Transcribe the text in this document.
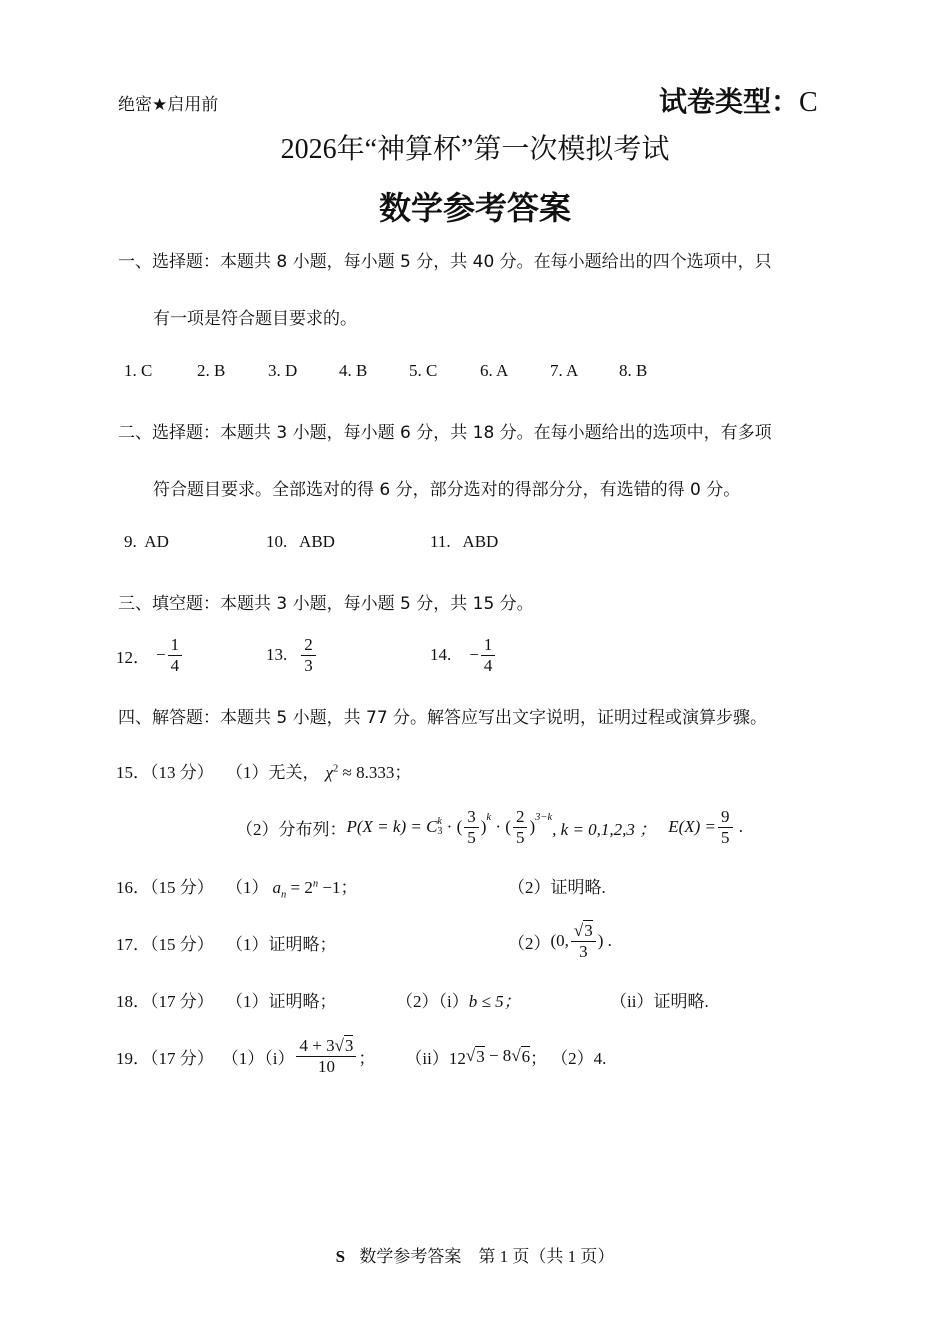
绝密★启用前	试卷类型：C
2026年“神算杯”第一次模拟考试
数学参考答案
一、选择题：本题共 8 小题，每小题 5 分，共 40 分。在每小题给出的四个选项中，只
有一项是符合题目要求的。
1. C	2. B	3. D 4. B 5. C	6. A 7. A 8. B
二、选择题：本题共 3 小题，每小题 6 分，共 18 分。在每小题给出的选项中，有多项
符合题目要求。全部选对的得 6 分，部分选对的得部分分，有选错的得 0 分。
9.  AD	10.   ABD	11.   ABD
三、填空题：本题共 3 小题，每小题 5 分，共 15 分。
12． − $\frac{1}{4}$	13. $\frac{2}{3}$	14. − $\frac{1}{4}$
四、解答题：本题共 5 小题，共 77 分。解答应写出文字说明，证明过程或演算步骤。
15．（13 分） （1）无关， $\chi^2 \approx 8.333$；
（2）分布列： P(X = k) = C k
3 · ( $\frac{3}{5} )^k$ · ( $\frac{2}{5} )^{3-k}$
, k = 0,1,2,3 ； $E(X) = \frac{9}{5}$ .
16．（15 分） （1） $a_n = 2^n -1$；	（2）证明略.
17．（15 分） （1）证明略；	（2） (0, $\frac{√3}{3}$ ) .
18．（17 分） （1）证明略；	（2）（i）b ≤ 5；	（ii）证明略.
19．（17 分） $(1)(i) \frac{4 + 3√3}{10}$ ； （ii）12 √ 3 − 8 √ 6 ； （2）4.
S 数学参考答案　第 1 页（共 1 页）
